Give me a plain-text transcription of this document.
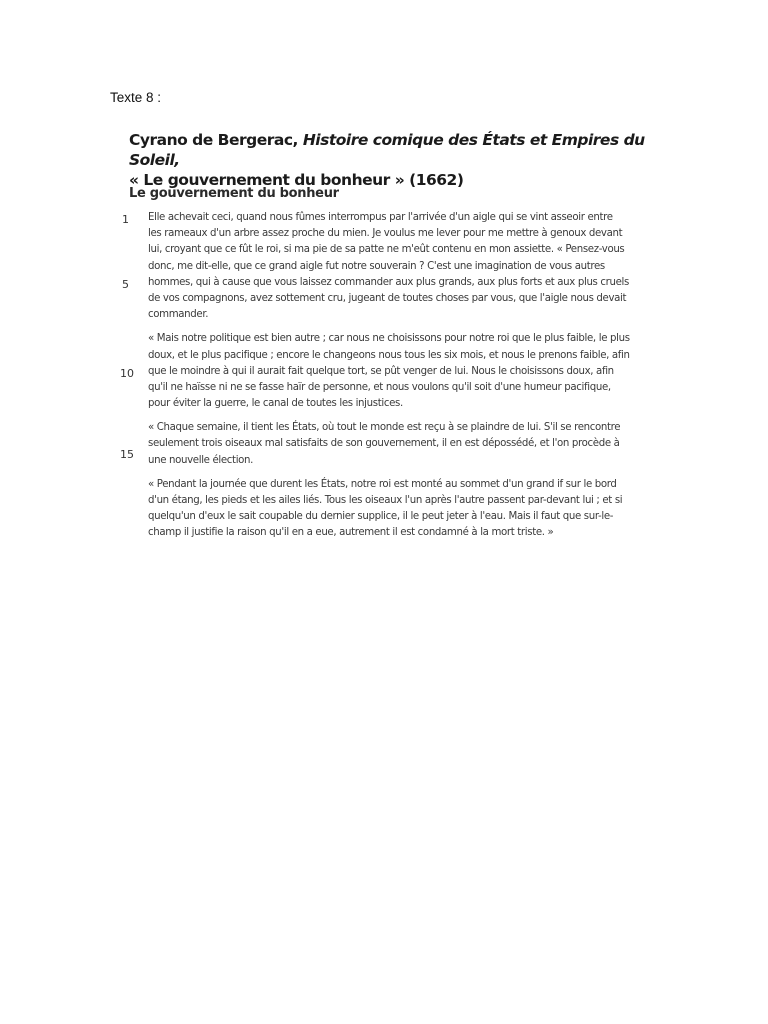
Texte 8 :
Cyrano de Bergerac, Histoire comique des États et Empires du Soleil,
« Le gouvernement du bonheur » (1662)
Le gouvernement du bonheur
1
5
10
15
Elle achevait ceci, quand nous fûmes interrompus par l'arrivée d'un aigle qui se vint asseoir entre
les rameaux d'un arbre assez proche du mien. Je voulus me lever pour me mettre à genoux devant
lui, croyant que ce fût le roi, si ma pie de sa patte ne m'eût contenu en mon assiette. « Pensez-vous
donc, me dit-elle, que ce grand aigle fut notre souverain ? C'est une imagination de vous autres
hommes, qui à cause que vous laissez commander aux plus grands, aux plus forts et aux plus cruels
de vos compagnons, avez sottement cru, jugeant de toutes choses par vous, que l'aigle nous devait
commander.
« Mais notre politique est bien autre ; car nous ne choisissons pour notre roi que le plus faible, le plus
doux, et le plus pacifique ; encore le changeons nous tous les six mois, et nous le prenons faible, afin
que le moindre à qui il aurait fait quelque tort, se pût venger de lui. Nous le choisissons doux, afin
qu'il ne haïsse ni ne se fasse haïr de personne, et nous voulons qu'il soit d'une humeur pacifique,
pour éviter la guerre, le canal de toutes les injustices.
« Chaque semaine, il tient les États, où tout le monde est reçu à se plaindre de lui. S'il se rencontre
seulement trois oiseaux mal satisfaits de son gouvernement, il en est dépossédé, et l'on procède à
une nouvelle élection.
« Pendant la journée que durent les États, notre roi est monté au sommet d'un grand if sur le bord
d'un étang, les pieds et les ailes liés. Tous les oiseaux l'un après l'autre passent par-devant lui ; et si
quelqu'un d'eux le sait coupable du dernier supplice, il le peut jeter à l'eau. Mais il faut que sur-le-
champ il justifie la raison qu'il en a eue, autrement il est condamné à la mort triste. »
